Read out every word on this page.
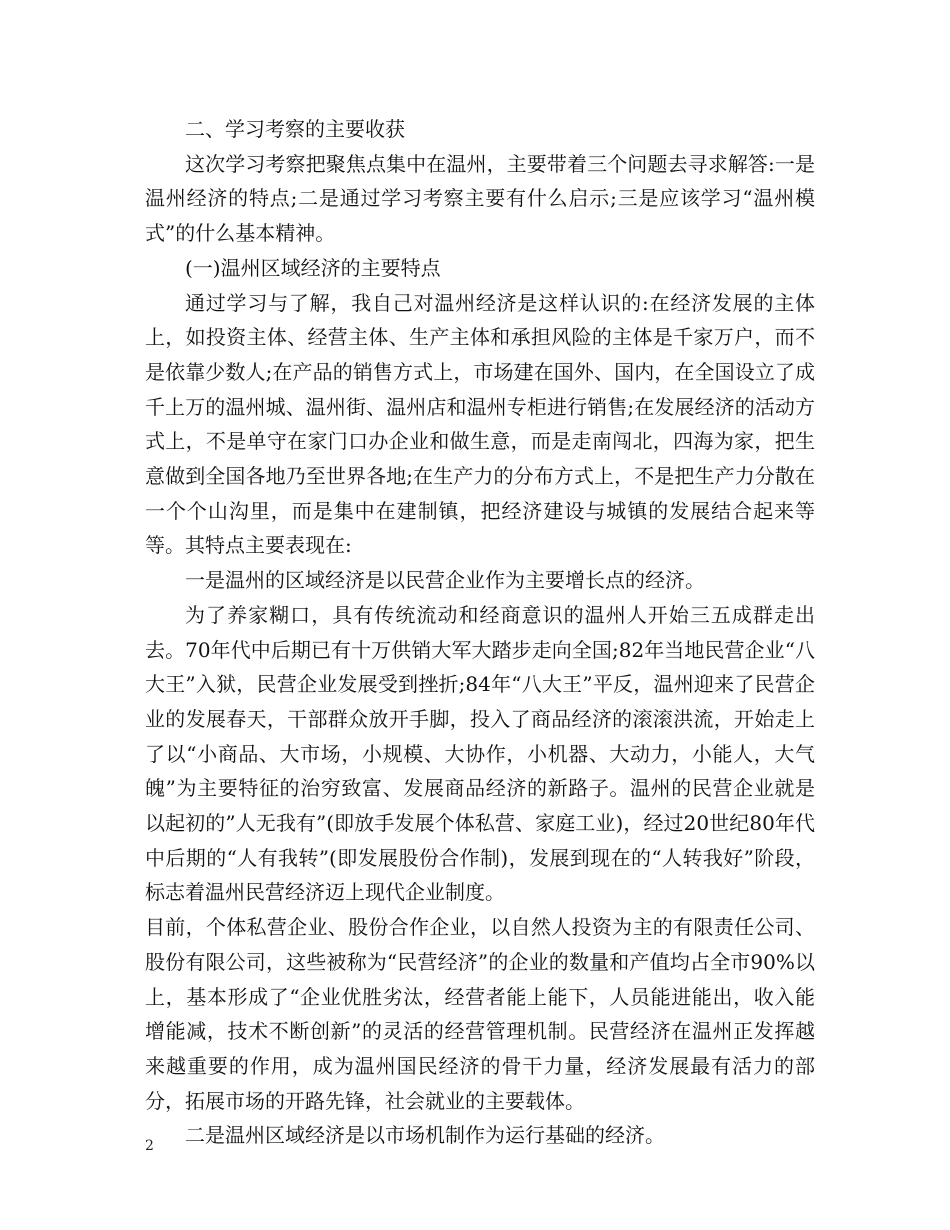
二、学习考察的主要收获

这次学习考察把聚焦点集中在温州，主要带着三个问题去寻求解答:一是温州经济的特点;二是通过学习考察主要有什么启示;三是应该学习“温州模式”的什么基本精神。

(一)温州区域经济的主要特点

通过学习与了解，我自己对温州经济是这样认识的:在经济发展的主体上，如投资主体、经营主体、生产主体和承担风险的主体是千家万户，而不是依靠少数人;在产品的销售方式上，市场建在国外、国内，在全国设立了成千上万的温州城、温州街、温州店和温州专柜进行销售;在发展经济的活动方式上，不是单守在家门口办企业和做生意，而是走南闯北，四海为家，把生意做到全国各地乃至世界各地;在生产力的分布方式上，不是把生产力分散在一个个山沟里，而是集中在建制镇，把经济建设与城镇的发展结合起来等等。其特点主要表现在:

一是温州的区域经济是以民营企业作为主要增长点的经济。

为了养家糊口，具有传统流动和经商意识的温州人开始三五成群走出去。70年代中后期已有十万供销大军大踏步走向全国;82年当地民营企业“八大王”入狱，民营企业发展受到挫折;84年“八大王”平反，温州迎来了民营企业的发展春天，干部群众放开手脚，投入了商品经济的滚滚洪流，开始走上了以“小商品、大市场，小规模、大协作，小机器、大动力，小能人，大气魄”为主要特征的治穷致富、发展商品经济的新路子。温州的民营企业就是以起初的”人无我有”(即放手发展个体私营、家庭工业)，经过20世纪80年代中后期的“人有我转”(即发展股份合作制)，发展到现在的“人转我好”阶段，标志着温州民营经济迈上现代企业制度。

目前，个体私营企业、股份合作企业，以自然人投资为主的有限责任公司、股份有限公司，这些被称为“民营经济”的企业的数量和产值均占全市90%以上，基本形成了“企业优胜劣汰，经营者能上能下，人员能进能出，收入能增能减，技术不断创新”的灵活的经营管理机制。民营经济在温州正发挥越来越重要的作用，成为温州国民经济的骨干力量，经济发展最有活力的部分，拓展市场的开路先锋，社会就业的主要载体。

二是温州区域经济是以市场机制作为运行基础的经济。

2
